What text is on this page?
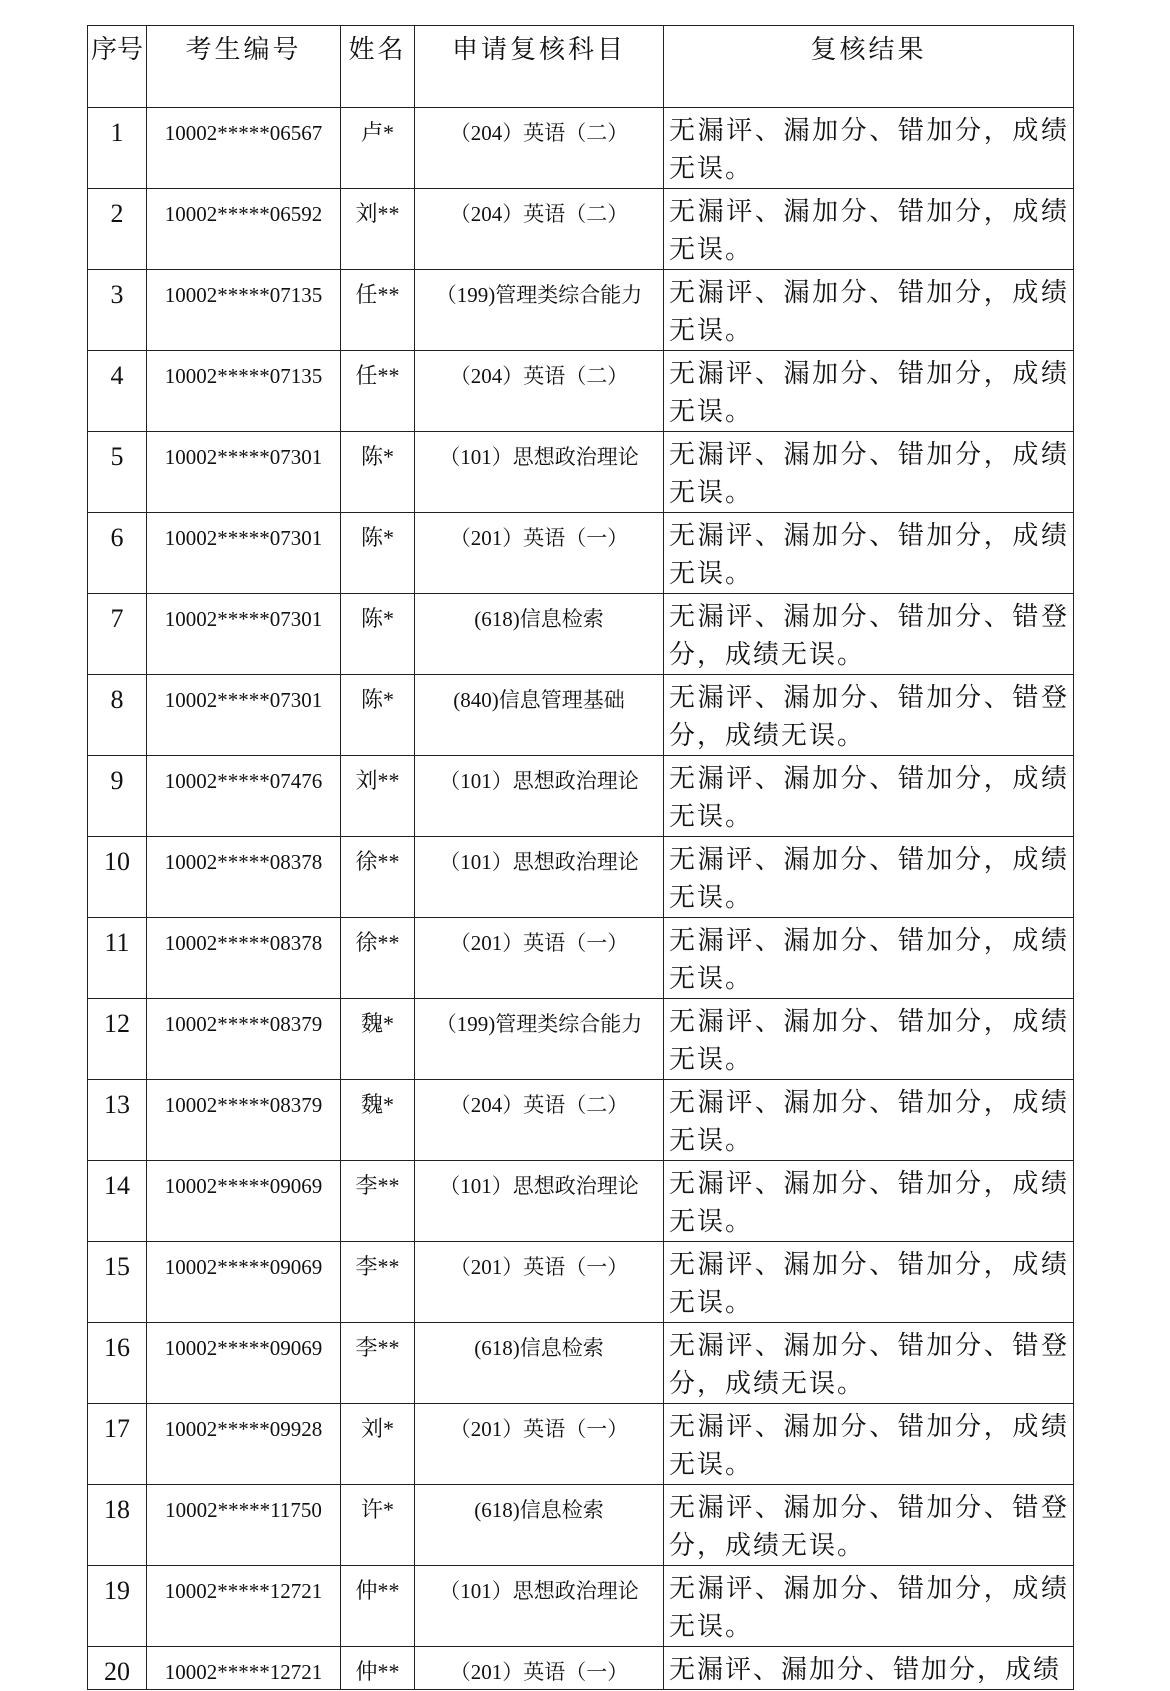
序号	考生编号	姓名	申请复核科目	复核结果

1	10002*****06567	卢*	（204）英语（二）	无漏评、漏加分、错加分，成绩无误。

2	10002*****06592	刘**	（204）英语（二）	无漏评、漏加分、错加分，成绩无误。

3	10002*****07135	任**	（199)管理类综合能力	无漏评、漏加分、错加分，成绩无误。

4	10002*****07135	任**	（204）英语（二）	无漏评、漏加分、错加分，成绩无误。

5	10002*****07301	陈*	（101）思想政治理论	无漏评、漏加分、错加分，成绩无误。

6	10002*****07301	陈*	（201）英语（一）	无漏评、漏加分、错加分，成绩无误。

7	10002*****07301	陈*	(618)信息检索	无漏评、漏加分、错加分、错登分，成绩无误。

8	10002*****07301	陈*	(840)信息管理基础	无漏评、漏加分、错加分、错登分，成绩无误。

9	10002*****07476	刘**	（101）思想政治理论	无漏评、漏加分、错加分，成绩无误。

10	10002*****08378	徐**	（101）思想政治理论	无漏评、漏加分、错加分，成绩无误。

11	10002*****08378	徐**	（201）英语（一）	无漏评、漏加分、错加分，成绩无误。

12	10002*****08379	魏*	（199)管理类综合能力	无漏评、漏加分、错加分，成绩无误。

13	10002*****08379	魏*	（204）英语（二）	无漏评、漏加分、错加分，成绩无误。

14	10002*****09069	李**	（101）思想政治理论	无漏评、漏加分、错加分，成绩无误。

15	10002*****09069	李**	（201）英语（一）	无漏评、漏加分、错加分，成绩无误。

16	10002*****09069	李**	(618)信息检索	无漏评、漏加分、错加分、错登分，成绩无误。

17	10002*****09928	刘*	（201）英语（一）	无漏评、漏加分、错加分，成绩无误。

18	10002*****11750	许*	(618)信息检索	无漏评、漏加分、错加分、错登分，成绩无误。

19	10002*****12721	仲**	（101）思想政治理论	无漏评、漏加分、错加分，成绩无误。

20	10002*****12721	仲**	（201）英语（一）	无漏评、漏加分、错加分，成绩
